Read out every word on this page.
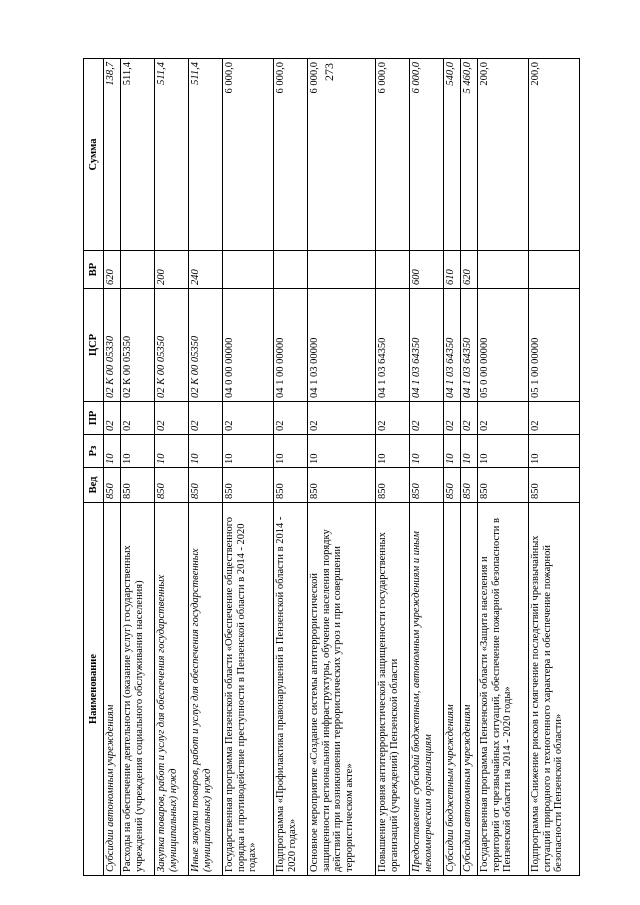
273
Наименование	Вед	Рз	ПР	ЦСР	ВР	Сумма
Субсидии автономным учреждениям	850	10	02	02 К 00 05330	620	138,7
Расходы на обеспечение деятельности (оказание услуг) государственных учреждений (учреждения социального обслуживания населения)	850	10	02	02 К 00 05350		511,4
Закупка товаров, работ и услуг для обеспечения государственных (муниципальных) нужд	850	10	02	02 К 00 05350	200	511,4
Иные закупки товаров, работ и услуг для обеспечения государственных (муниципальных) нужд	850	10	02	02 К 00 05350	240	511,4
Государственная программа Пензенской области «Обеспечение общественного порядка и противодействие преступности в Пензенской области в 2014 - 2020 годах»	850	10	02	04 0 00 00000		6 000,0
Подпрограмма «Профилактика правонарушений в Пензенской области в 2014 - 2020 годах»	850	10	02	04 1 00 00000		6 000,0
Основное мероприятие «Создание системы антитеррористической защищенности региональной инфраструктуры, обучение населения порядку действий при возникновении террористических угроз и при совершении террористическом акте»	850	10	02	04 1 03 00000		6 000,0
Повышение уровня антитеррористической защищенности государственных организаций (учреждений) Пензенской области	850	10	02	04 1 03 64350		6 000,0
Предоставление субсидий бюджетным, автономным учреждениям и иным некоммерческим организациям	850	10	02	04 1 03 64350	600	6 000,0
Субсидии бюджетным учреждениям	850	10	02	04 1 03 64350	610	540,0
Субсидии автономным учреждениям	850	10	02	04 1 03 64350	620	5 460,0
Государственная программа Пензенской области «Защита населения и территорий от чрезвычайных ситуаций, обеспечение пожарной безопасности в Пензенской области на 2014 - 2020 годы»	850	10	02	05 0 00 00000		200,0
Подпрограмма «Снижение рисков и смягчение последствий чрезвычайных ситуаций природного и техногенного характера и обеспечение пожарной безопасности Пензенской области»	850	10	02	05 1 00 00000		200,0
